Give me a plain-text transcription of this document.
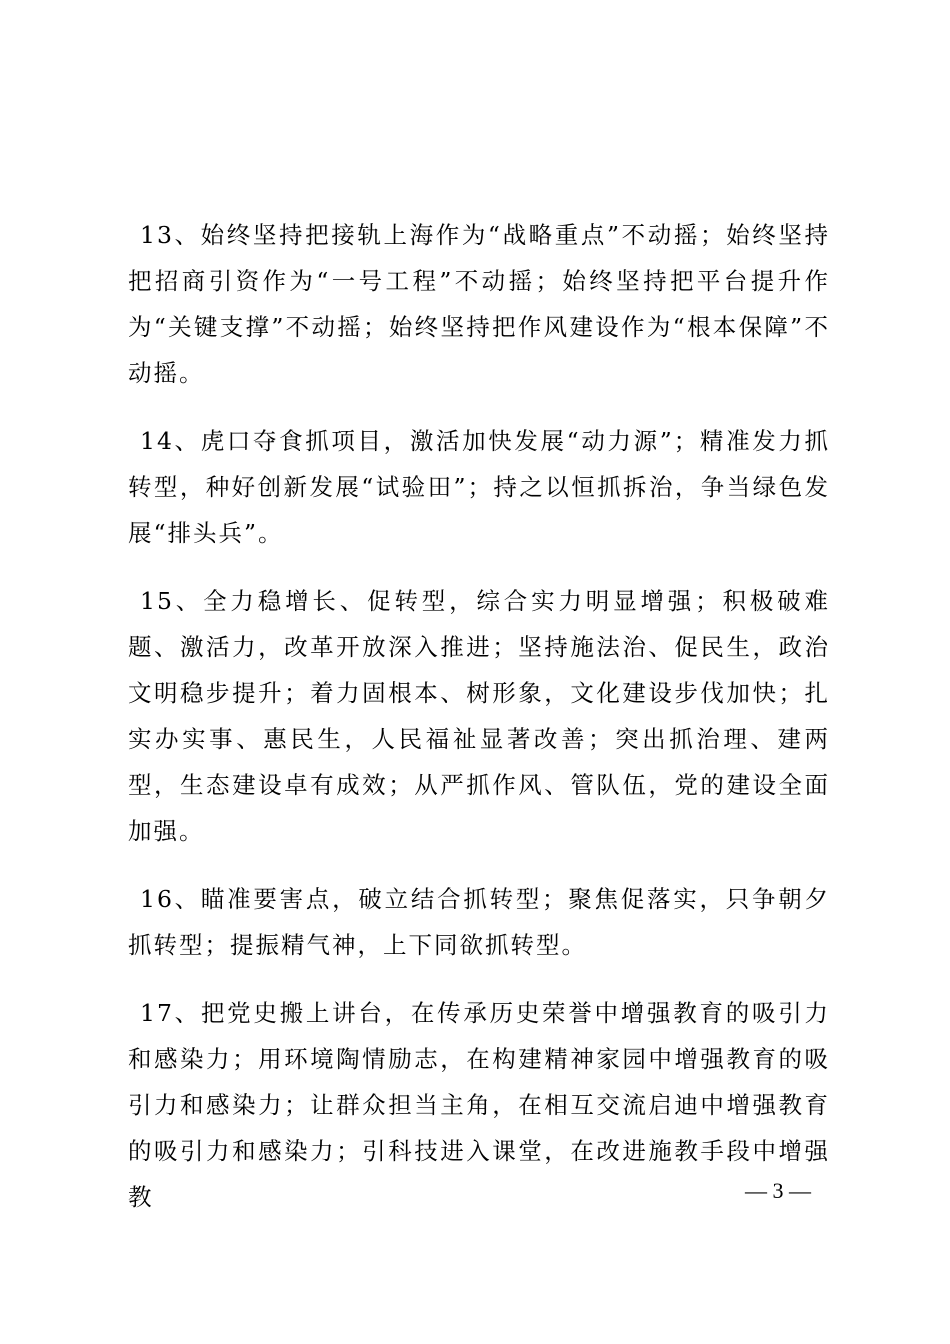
13、始终坚持把接轨上海作为“战略重点”不动摇；始终坚持把招商引资作为“一号工程”不动摇；始终坚持把平台提升作为“关键支撑”不动摇；始终坚持把作风建设作为“根本保障”不动摇。

14、虎口夺食抓项目，激活加快发展“动力源”；精准发力抓转型，种好创新发展“试验田”；持之以恒抓拆治，争当绿色发展“排头兵”。

15、全力稳增长、促转型，综合实力明显增强；积极破难题、激活力，改革开放深入推进；坚持施法治、促民生，政治文明稳步提升；着力固根本、树形象，文化建设步伐加快；扎实办实事、惠民生，人民福祉显著改善；突出抓治理、建两型，生态建设卓有成效；从严抓作风、管队伍，党的建设全面加强。

16、瞄准要害点，破立结合抓转型；聚焦促落实，只争朝夕抓转型；提振精气神，上下同欲抓转型。

17、把党史搬上讲台，在传承历史荣誉中增强教育的吸引力和感染力；用环境陶情励志，在构建精神家园中增强教育的吸引力和感染力；让群众担当主角，在相互交流启迪中增强教育的吸引力和感染力；引科技进入课堂，在改进施教手段中增强教	— 3 —
